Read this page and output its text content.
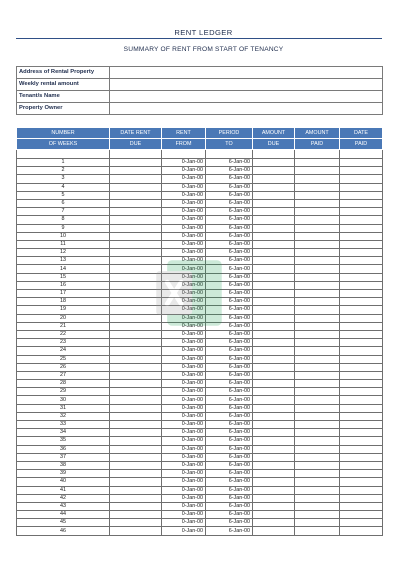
RENT LEDGER
SUMMARY OF RENT FROM START OF TENANCY
Address of Rental Property	
Weekly rental amount	
Tenant/s Name	
Property Owner	
NUMBER	DATE RENT	RENT	PERIOD	AMOUNT	AMOUNT	DATE
OF WEEKS	DUE	FROM	TO	DUE	PAID	PAID

1		0-Jan-00	6-Jan-00			
2		0-Jan-00	6-Jan-00			
3		0-Jan-00	6-Jan-00			
4		0-Jan-00	6-Jan-00			
5		0-Jan-00	6-Jan-00			
6		0-Jan-00	6-Jan-00			
7		0-Jan-00	6-Jan-00			
8		0-Jan-00	6-Jan-00			
9		0-Jan-00	6-Jan-00			
10		0-Jan-00	6-Jan-00			
11		0-Jan-00	6-Jan-00			
12		0-Jan-00	6-Jan-00			
13		0-Jan-00	6-Jan-00			
14		0-Jan-00	6-Jan-00			
15		0-Jan-00	6-Jan-00			
16		0-Jan-00	6-Jan-00			
17		0-Jan-00	6-Jan-00			
18		0-Jan-00	6-Jan-00			
19		0-Jan-00	6-Jan-00			
20		0-Jan-00	6-Jan-00			
21		0-Jan-00	6-Jan-00			
22		0-Jan-00	6-Jan-00			
23		0-Jan-00	6-Jan-00			
24		0-Jan-00	6-Jan-00			
25		0-Jan-00	6-Jan-00			
26		0-Jan-00	6-Jan-00			
27		0-Jan-00	6-Jan-00			
28		0-Jan-00	6-Jan-00			
29		0-Jan-00	6-Jan-00			
30		0-Jan-00	6-Jan-00			
31		0-Jan-00	6-Jan-00			
32		0-Jan-00	6-Jan-00			
33		0-Jan-00	6-Jan-00			
34		0-Jan-00	6-Jan-00			
35		0-Jan-00	6-Jan-00			
36		0-Jan-00	6-Jan-00			
37		0-Jan-00	6-Jan-00			
38		0-Jan-00	6-Jan-00			
39		0-Jan-00	6-Jan-00			
40		0-Jan-00	6-Jan-00			
41		0-Jan-00	6-Jan-00			
42		0-Jan-00	6-Jan-00			
43		0-Jan-00	6-Jan-00			
44		0-Jan-00	6-Jan-00			
45		0-Jan-00	6-Jan-00			
46		0-Jan-00	6-Jan-00			
